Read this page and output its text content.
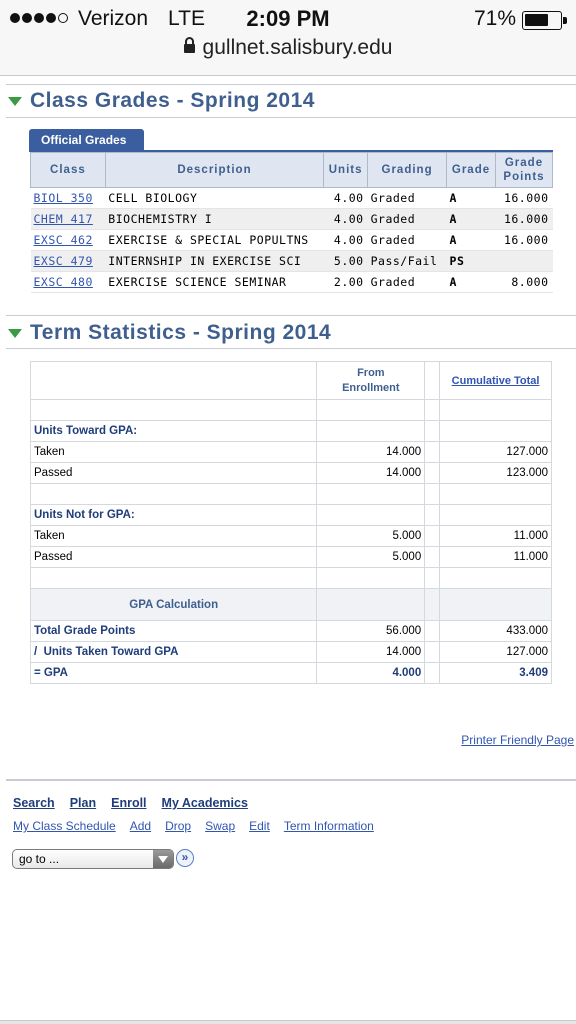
Verizon LTE	2:09 PM	71%
gullnet.salisbury.edu
Class Grades - Spring 2014
Official Grades
Class	Description	Units	Grading	Grade	Grade
Points
BIOL 350	CELL BIOLOGY	4.00	Graded	A	16.000
CHEM 417	BIOCHEMISTRY I	4.00	Graded	A	16.000
EXSC 462	EXERCISE & SPECIAL POPULTNS	4.00	Graded	A	16.000
EXSC 479	INTERNSHIP IN EXERCISE SCI	5.00	Pass/Fail	PS	
EXSC 480	EXERCISE SCIENCE SEMINAR	2.00	Graded	A	8.000
Term Statistics - Spring 2014
	From
Enrollment		Cumulative Total

Units Toward GPA:			
Taken	14.000		127.000
Passed	14.000		123.000

Units Not for GPA:			
Taken	5.000		11.000
Passed	5.000		11.000

GPA Calculation			
Total Grade Points	56.000		433.000
/  Units Taken Toward GPA	14.000		127.000
= GPA	4.000		3.409
Printer Friendly Page
Search Plan Enroll My Academics
My Class Schedule Add Drop Swap Edit Term Information
go to ...	»
